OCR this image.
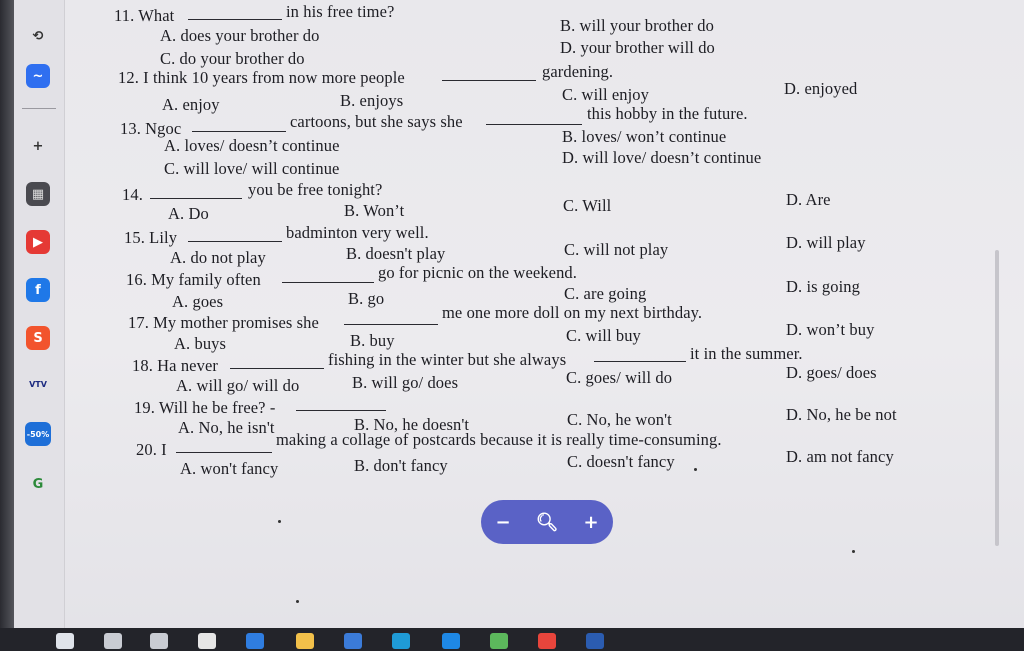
⟲
~
+
▦
▶
f
S
VTV
-50%
G
11. What	in his free time?
A. does your brother do
B. will your brother do
C. do your brother do
D. your brother will do
12. I think 10 years from now more people	gardening.
A. enjoy	B. enjoys	C. will enjoy	D. enjoyed
13. Ngoc	cartoons, but she says she	this hobby in the future.
A. loves/ doesn’t continue	B. loves/ won’t continue
C. will love/ will continue
D. will love/ doesn’t continue
14.	you be free tonight?
A. Do	B. Won’t	C. Will	D. Are
15. Lily	badminton very well.
A. do not play	B. doesn't play	C. will not play	D. will play
16. My family often	go for picnic on the weekend.
A. goes	B. go	C. are going	D. is going
17. My mother promises she
me one more doll on my next birthday.
A. buys	B. buy	C. will buy	D. won’t buy
18. Ha never	fishing in the winter but she always	it in the summer.
A. will go/ will do	B. will go/ does	C. goes/ will do	D. goes/ does
19. Will he be free? -
A. No, he isn't	B. No, he doesn't	C. No, he won't	D. No, he be not
20. I
making a collage of postcards because it is really time-consuming.
A. won't fancy	B. don't fancy	C. doesn't fancy	D. am not fancy
−	🔍︎	+
